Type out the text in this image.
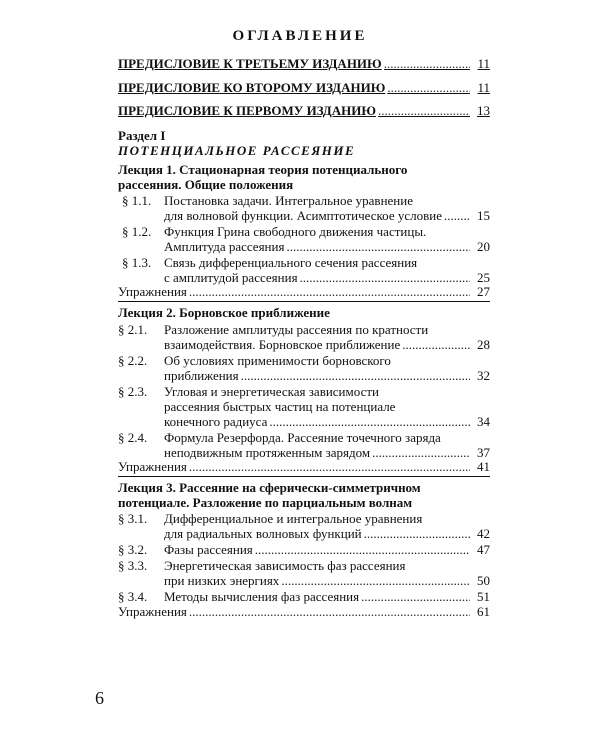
ОГЛАВЛЕНИЕ
ПРЕДИСЛОВИЕ К ТРЕТЬЕМУ ИЗДАНИЮ .....	11
ПРЕДИСЛОВИЕ КО ВТОРОМУ ИЗДАНИЮ .....	11
ПРЕДИСЛОВИЕ К ПЕРВОМУ ИЗДАНИЮ .....	13
Раздел I
ПОТЕНЦИАЛЬНОЕ РАССЕЯНИЕ
Лекция 1. Стационарная теория потенциального
рассеяния. Общие положения
§ 1.1. Постановка задачи. Интегральное уравнение
для волновой функции. Асимптотическое условие .....	15
§ 1.2. Функция Грина свободного движения частицы.
Амплитуда рассеяния .....	20
§ 1.3. Связь дифференциального сечения рассеяния
с амплитудой рассеяния .....	25
Упражнения .....	27
Лекция 2. Борновское приближение
§ 2.1.	Разложение амплитуды рассеяния по кратности
взаимодействия. Борновское приближение .....	28
§ 2.2.	Об условиях применимости борновского
приближения .....	32
§ 2.3.	Угловая и энергетическая зависимости
рассеяния быстрых частиц на потенциале
конечного радиуса .....	34
§ 2.4.	Формула Резерфорда. Рассеяние точечного заряда
неподвижным протяженным зарядом .....	37
Упражнения .....	41
Лекция 3. Рассеяние на сферически-симметричном
потенциале. Разложение по парциальным волнам
§ 3.1.	Дифференциальное и интегральное уравнения
для радиальных волновых функций .....	42
§ 3.2.	Фазы рассеяния .....	47
§ 3.3.	Энергетическая зависимость фаз рассеяния
при низких энергиях .....	50
§ 3.4.	Методы вычисления фаз рассеяния .....	51
Упражнения .....	61
6
